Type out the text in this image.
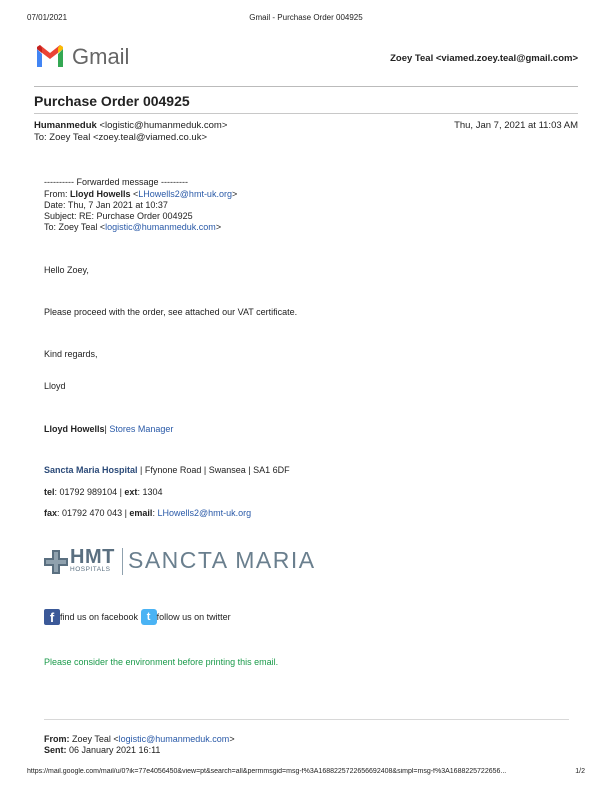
07/01/2021	Gmail - Purchase Order 004925
Gmail	Zoey Teal <viamed.zoey.teal@gmail.com>
Purchase Order 004925
Humanmeduk <logistic@humanmeduk.com>	Thu, Jan 7, 2021 at 11:03 AM
To: Zoey Teal <zoey.teal@viamed.co.uk>
---------- Forwarded message ---------
From: Lloyd Howells <LHowells2@hmt-uk.org>
Date: Thu, 7 Jan 2021 at 10:37
Subject: RE: Purchase Order 004925
To: Zoey Teal <logistic@humanmeduk.com>
Hello Zoey,
Please proceed with the order, see attached our VAT certificate.
Kind regards,
Lloyd
Lloyd Howells| Stores Manager
Sancta Maria Hospital | Ffynone Road | Swansea | SA1 6DF
tel: 01792 989104 | ext: 1304
fax: 01792 470 043 | email: LHowells2@hmt-uk.org
HMT
HOSPITALS SANCTA MARIA
f find us on facebook t follow us on twitter
Please consider the environment before printing this email.
From: Zoey Teal <logistic@humanmeduk.com>
Sent: 06 January 2021 16:11
https://mail.google.com/mail/u/0?ik=77e4056450&view=pt&search=all&permmsgid=msg-f%3A1688225722656692408&simpl=msg-f%3A1688225722656...	1/2
